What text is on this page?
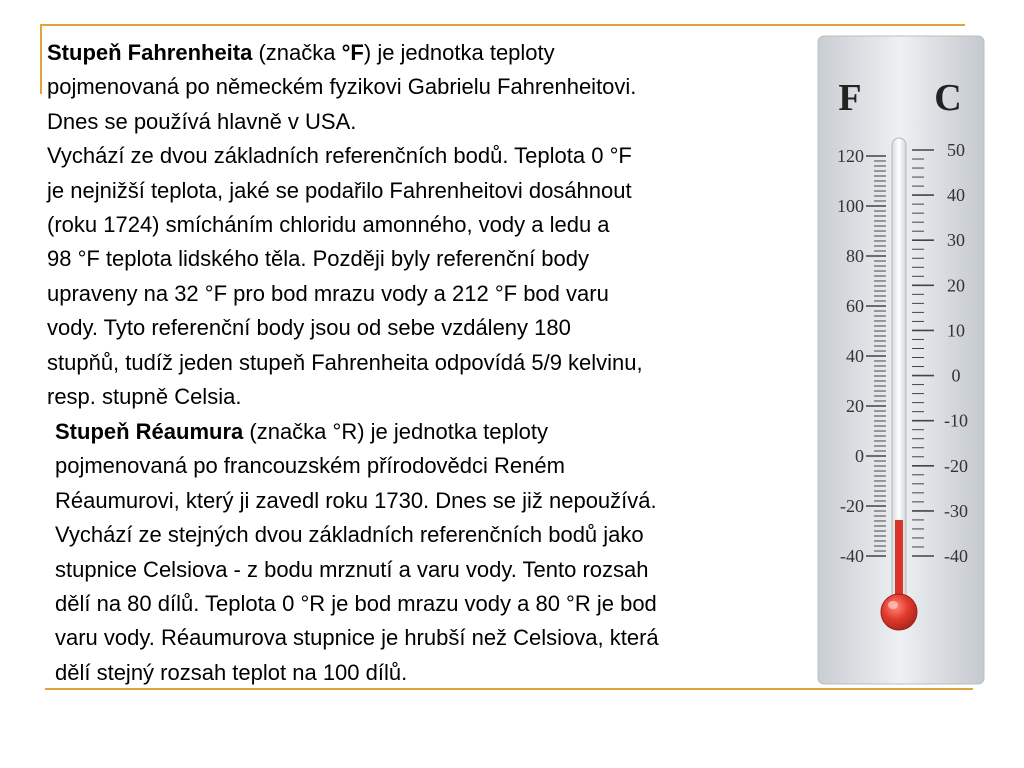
Stupeň Fahrenheita (značka °F) je jednotka teploty
pojmenovaná po německém fyzikovi Gabrielu Fahrenheitovi.
Dnes se používá hlavně v USA.
Vychází ze dvou základních referenčních bodů. Teplota 0 °F
je nejnižší teplota, jaké se podařilo Fahrenheitovi dosáhnout
(roku 1724) smícháním chloridu amonného, vody a ledu a
98 °F teplota lidského těla. Později byly referenční body
upraveny na 32 °F pro bod mrazu vody a 212 °F bod varu
vody. Tyto referenční body jsou od sebe vzdáleny 180
stupňů, tudíž jeden stupeň Fahrenheita odpovídá 5/9 kelvinu,
resp. stupně Celsia.
Stupeň Réaumura (značka °R) je jednotka teploty
pojmenovaná po francouzském přírodovědci Reném
Réaumurovi, který ji zavedl roku 1730. Dnes se již nepoužívá.
Vychází ze stejných dvou základních referenčních bodů jako
stupnice Celsiova - z bodu mrznutí a varu vody. Tento rozsah
dělí na 80 dílů. Teplota 0 °R je bod mrazu vody a 80 °R je bod
varu vody. Réaumurova stupnice je hrubší než Celsiova, která
dělí stejný rozsah teplot na 100 dílů.
F C
120
100
80
60
40
20
0
-20
-40
50
40
30
20
10
0
-10
-20
-30
-40
